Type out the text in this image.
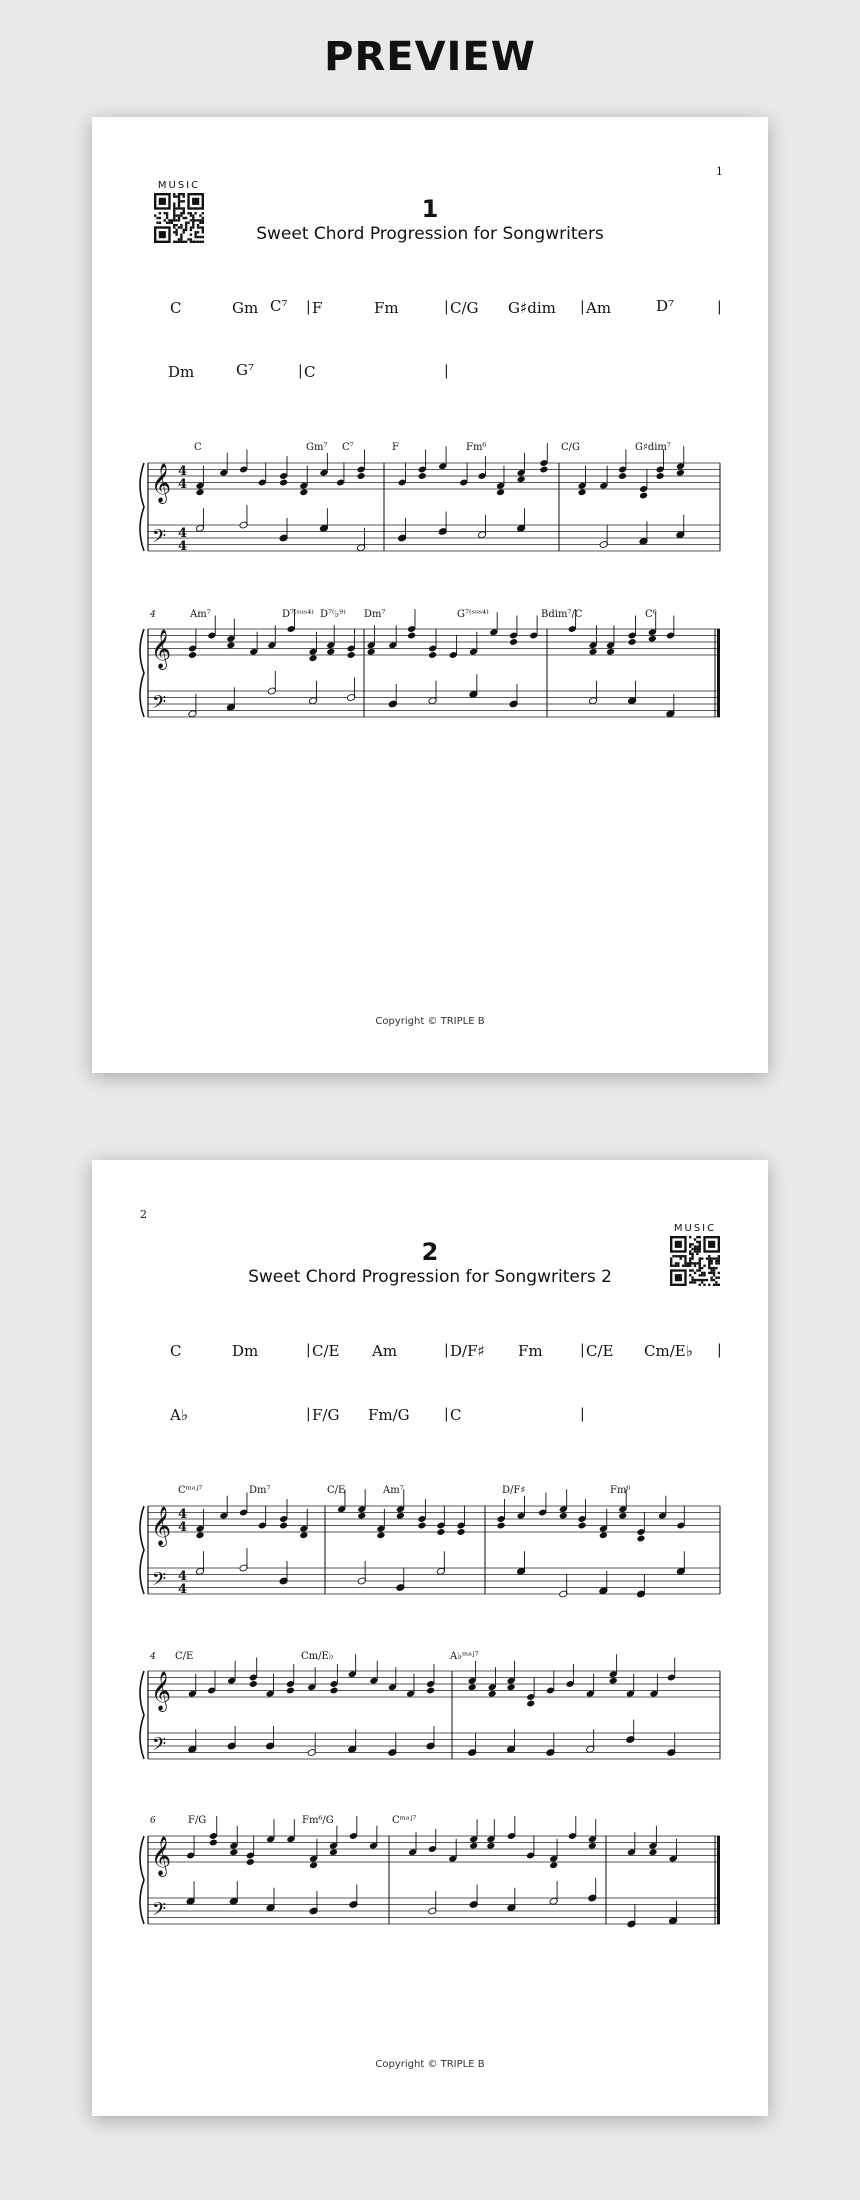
PREVIEW
1
MUSIC
1
Sweet Chord Progression for Songwriters
C	Gm C⁷ | F	Fm	| C/G G♯dim | Am	D⁷	|
Dm	G⁷	| C	|
𝄞
𝄢
4
4
4
4
C	Gm⁷ C⁷	F	Fm⁶	C/G	G♯dim⁷
𝄞
𝄢
4	Am⁷	D⁷⁽ˢᵘˢ⁴⁾ D⁷⁽♭⁹⁾ Dm⁷	G⁷⁽ˢᵘˢ⁴⁾	Bdim⁷/C	C⁶
Copyright © TRIPLE B
2
MUSIC
2
Sweet Chord Progression for Songwriters 2
C	Dm	| C/E Am	| D/F♯ Fm	| C/E Cm/E♭ |
A♭	| F/G Fm/G | C	|
𝄞
𝄢
4
4
4
4
Cᵐᵃʲ⁷	Dm⁷	C/E	Am⁷	D/F♯	Fm⁶
𝄞
𝄢
4 C/E	Cm/E♭	A♭ᵐᵃʲ⁷
𝄞
𝄢
6	F/G	Fm⁶/G	Cᵐᵃʲ⁷
Copyright © TRIPLE B
